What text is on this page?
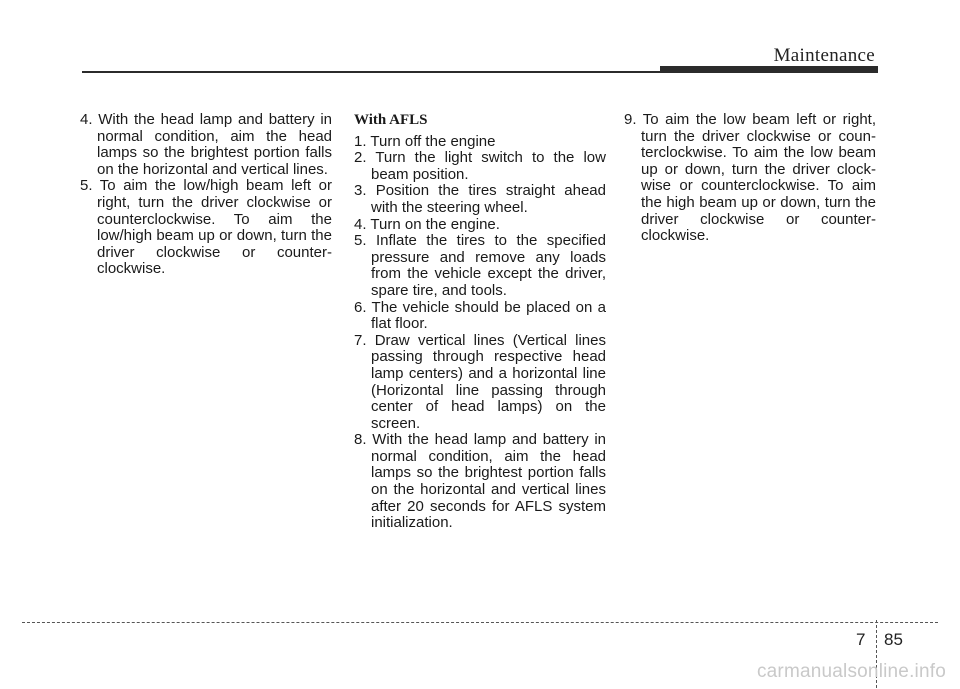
Maintenance

4. With the head lamp and battery in normal condition, aim the head lamps so the brightest portion falls on the horizontal and vertical lines.

5. To aim the low/high beam left or right, turn the driver clockwise or counterclockwise. To aim the low/high beam up or down, turn the driver clockwise or counter-clockwise.

With AFLS

1. Turn off the engine

2. Turn the light switch to the low beam position.

3. Position the tires straight ahead with the steering wheel.

4. Turn on the engine.

5. Inflate the tires to the specified pressure and remove any loads from the vehicle except the driver, spare tire, and tools.

6. The vehicle should be placed on a flat floor.

7. Draw vertical lines (Vertical lines passing through respective head lamp centers) and a horizontal line (Horizontal line passing through center of head lamps) on the screen.

8. With the head lamp and battery in normal condition, aim the head lamps so the brightest portion falls on the horizontal and vertical lines after 20 seconds for AFLS system initialization.

9. To aim the low beam left or right, turn the driver clockwise or coun-terclockwise. To aim the low beam up or down, turn the driver clock-wise or counterclockwise. To aim the high beam up or down, turn the driver clockwise or counter-clockwise.

7 85
carmanualsonline.info
